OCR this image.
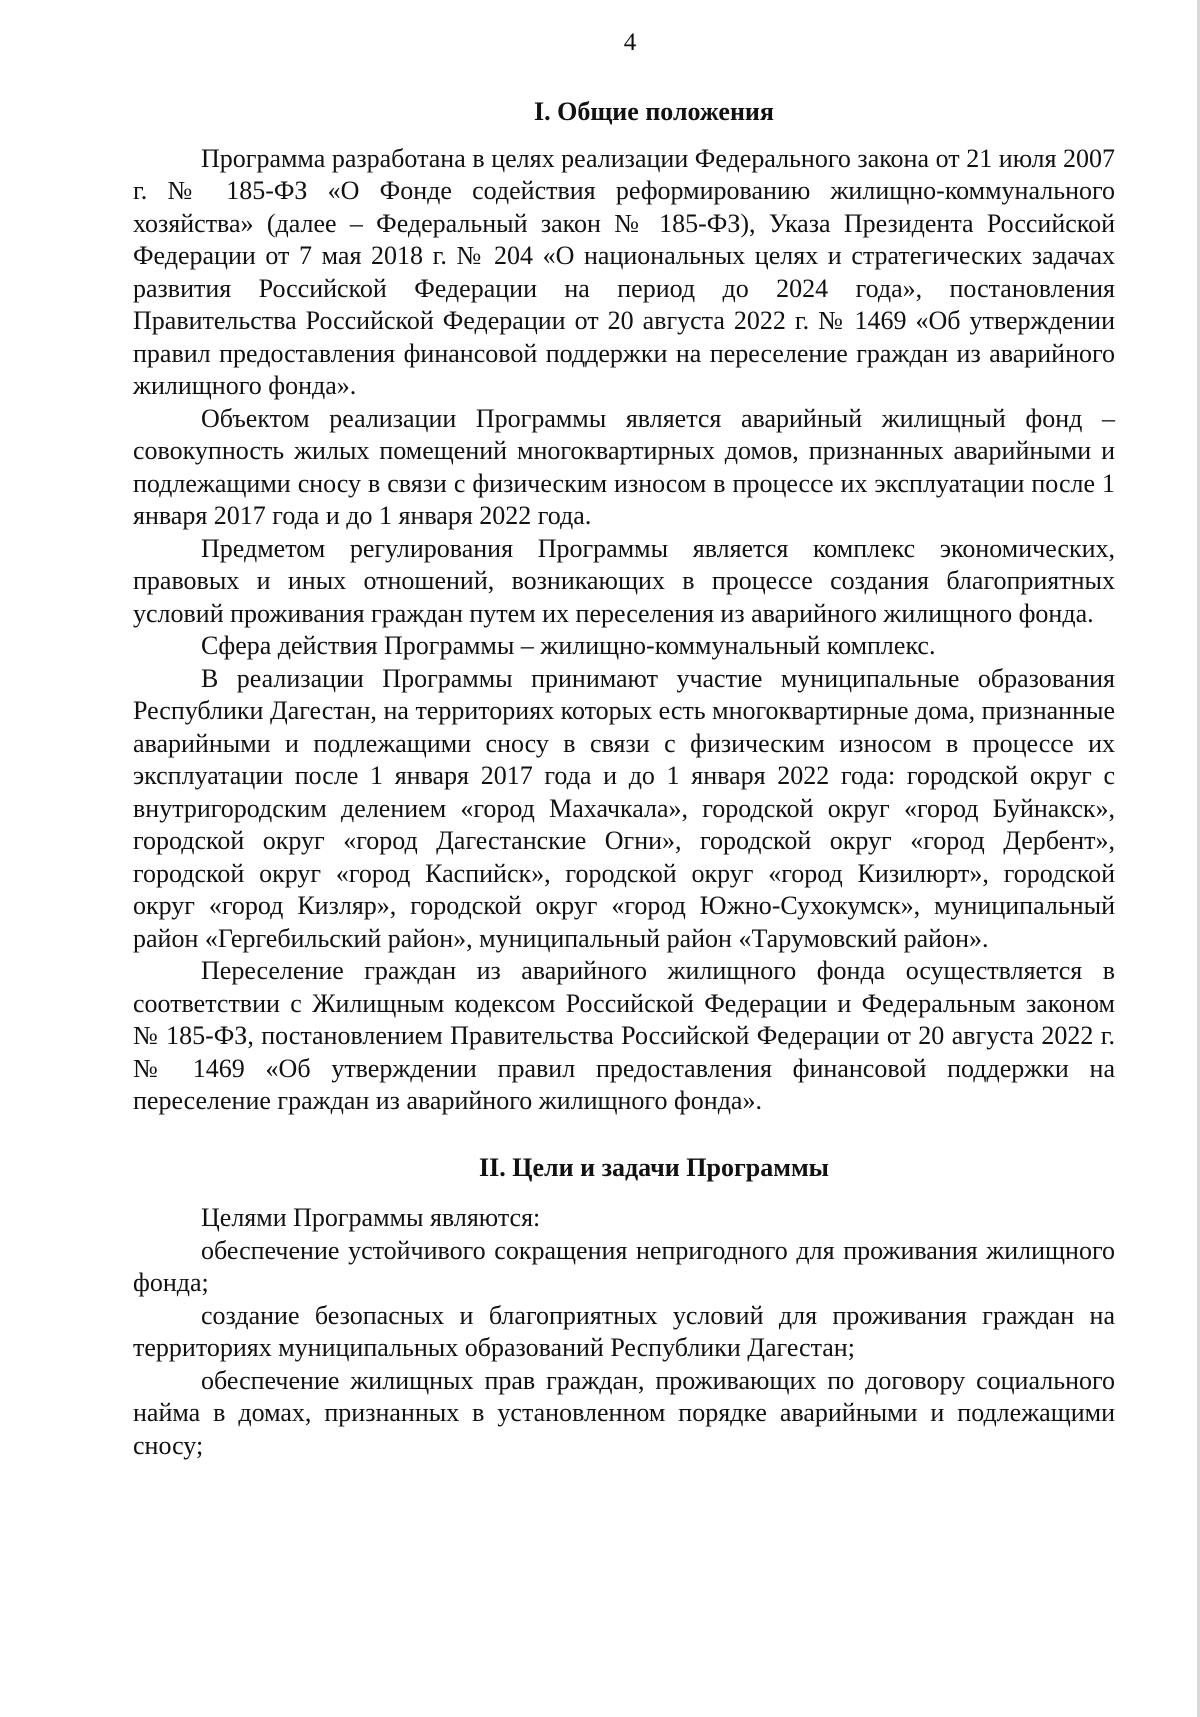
4
I. Общие положения

Программа разработана в целях реализации Федерального закона от 21 июля 2007 г. № 185-ФЗ «О Фонде содействия реформированию жилищно-коммунального хозяйства» (далее – Федеральный закон № 185-ФЗ), Указа Президента Российской Федерации от 7 мая 2018 г. № 204 «О национальных целях и стратегических задачах развития Российской Федерации на период до 2024 года», постановления Правительства Российской Федерации от 20 августа 2022 г. № 1469 «Об утверждении правил предоставления финансовой поддержки на переселение граждан из аварийного жилищного фонда».

Объектом реализации Программы является аварийный жилищный фонд – совокупность жилых помещений многоквартирных домов, признанных аварийными и подлежащими сносу в связи с физическим износом в процессе их эксплуатации после 1 января 2017 года и до 1 января 2022 года.

Предметом регулирования Программы является комплекс экономических, правовых и иных отношений, возникающих в процессе создания благоприятных условий проживания граждан путем их переселения из аварийного жилищного фонда.

Сфера действия Программы – жилищно-коммунальный комплекс.

В реализации Программы принимают участие муниципальные образования Республики Дагестан, на территориях которых есть многоквартирные дома, признанные аварийными и подлежащими сносу в связи с физическим износом в процессе их эксплуатации после 1 января 2017 года и до 1 января 2022 года: городской округ с внутригородским делением «город Махачкала», городской округ «город Буйнакск», городской округ «город Дагестанские Огни», городской округ «город Дербент», городской округ «город Каспийск», городской округ «город Кизилюрт», городской округ «город Кизляр», городской округ «город Южно-Сухокумск», муниципальный район «Гергебильский район», муниципальный район «Тарумовский район».

Переселение граждан из аварийного жилищного фонда осуществляется в соответствии с Жилищным кодексом Российской Федерации и Федеральным законом № 185-ФЗ, постановлением Правительства Российской Федерации от 20 августа 2022 г. № 1469 «Об утверждении правил предоставления финансовой поддержки на переселение граждан из аварийного жилищного фонда».

II. Цели и задачи Программы

Целями Программы являются:

обеспечение устойчивого сокращения непригодного для проживания жилищного фонда;

создание безопасных и благоприятных условий для проживания граждан на территориях муниципальных образований Республики Дагестан;

обеспечение жилищных прав граждан, проживающих по договору социального найма в домах, признанных в установленном порядке аварийными и подлежащими сносу;
